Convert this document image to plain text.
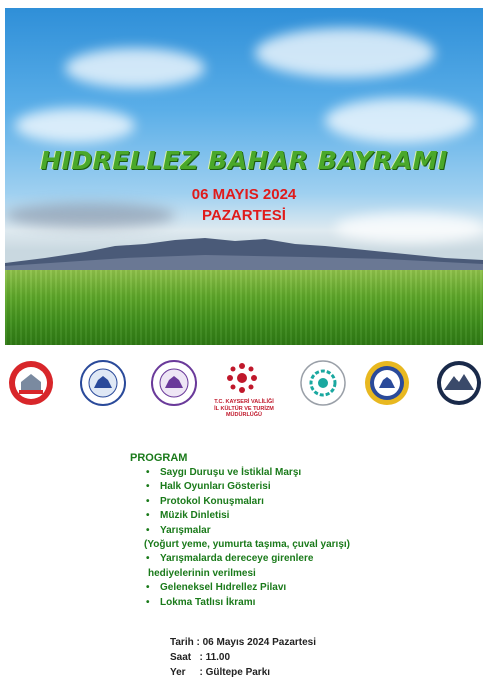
HIDRELLEZ BAHAR BAYRAMI
06 MAYIS 2024
PAZARTESİ
T.C. KAYSERİ VALİLİĞİ
İL KÜLTÜR VE TURİZM
MÜDÜRLÜĞÜ
PROGRAM
• Saygı Duruşu ve İstiklal Marşı
• Halk Oyunları Gösterisi
• Protokol Konuşmaları
• Müzik Dinletisi
• Yarışmalar
(Yoğurt yeme, yumurta taşıma, çuval yarışı)
• Yarışmalarda dereceye girenlere
hediyelerinin verilmesi
• Geleneksel Hıdrellez Pilavı
• Lokma Tatlısı İkramı
Tarih : 06 Mayıs 2024 Pazartesi
Saat   : 11.00
Yer     : Gültepe Parkı
